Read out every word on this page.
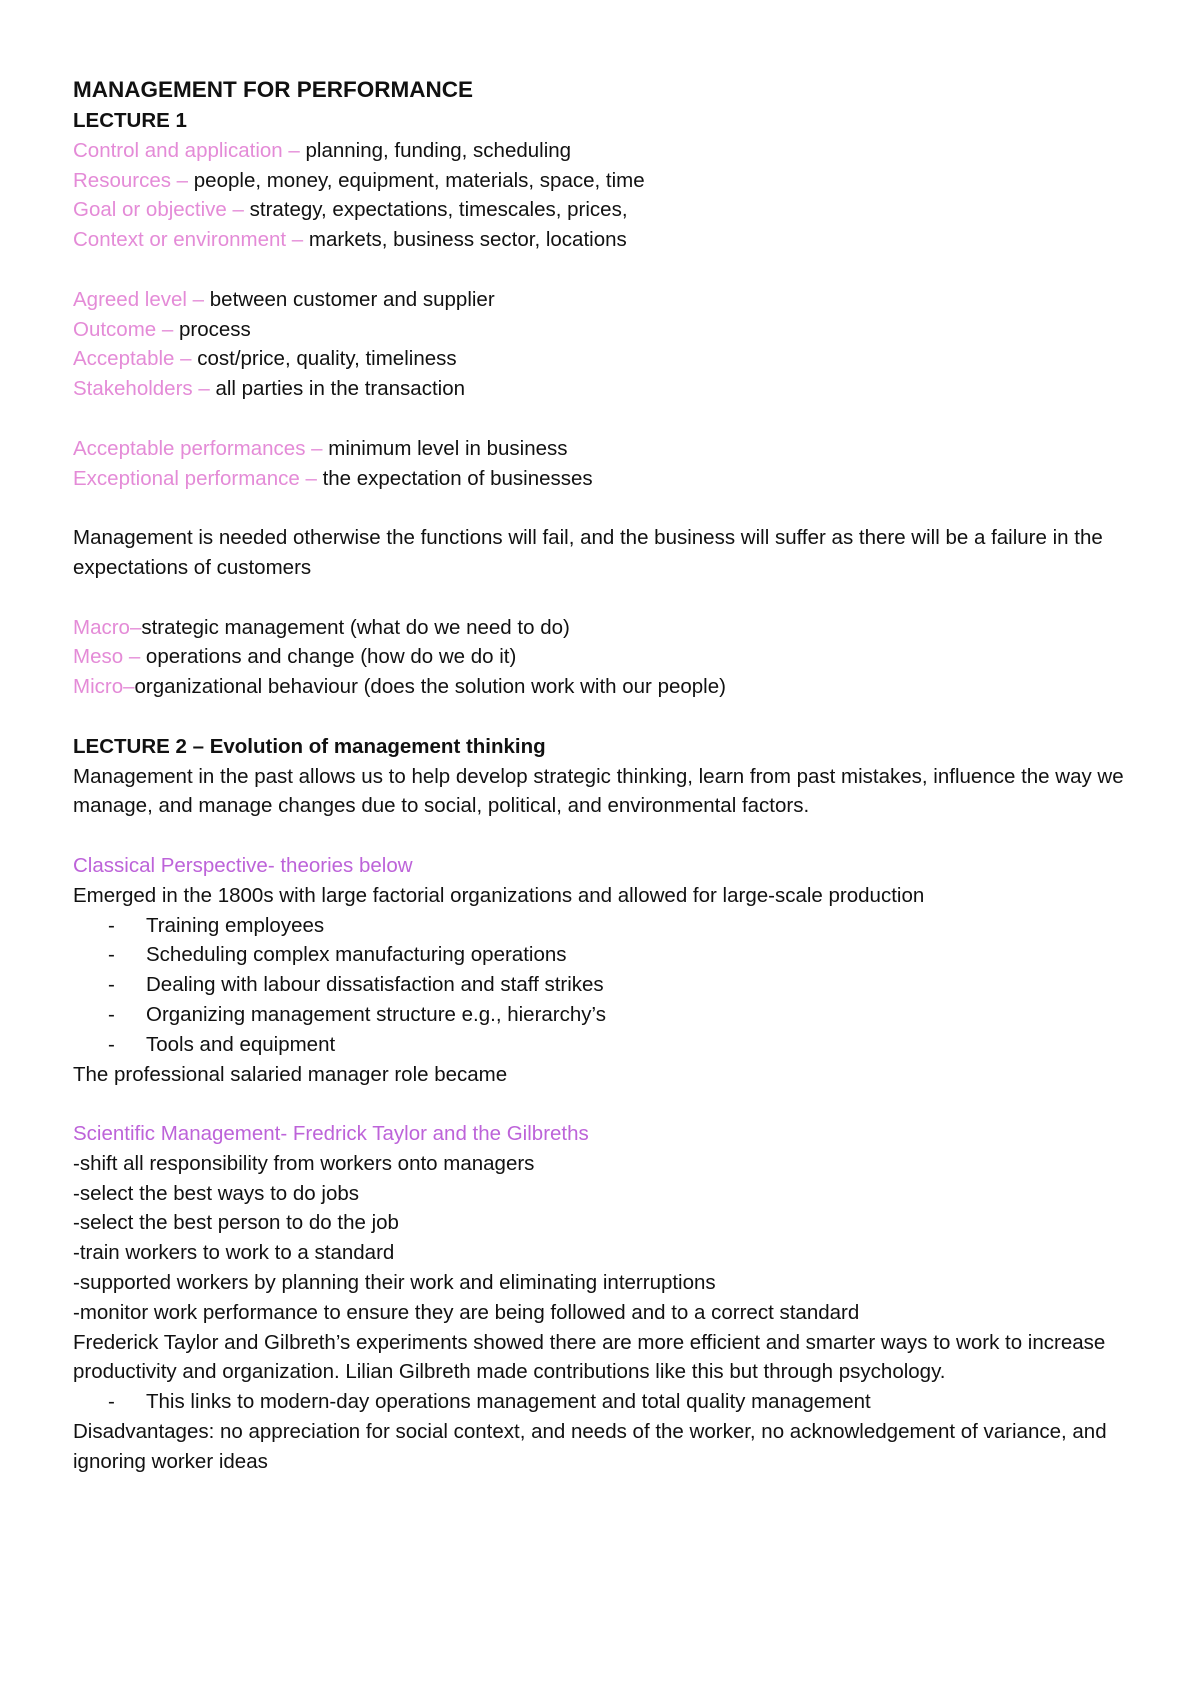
MANAGEMENT FOR PERFORMANCE

LECTURE 1

Control and application – planning, funding, scheduling

Resources – people, money, equipment, materials, space, time

Goal or objective – strategy, expectations, timescales, prices,

Context or environment – markets, business sector, locations

Agreed level – between customer and supplier

Outcome – process

Acceptable – cost/price, quality, timeliness

Stakeholders – all parties in the transaction

Acceptable performances – minimum level in business

Exceptional performance – the expectation of businesses

Management is needed otherwise the functions will fail, and the business will suffer as there will be a failure in the expectations of customers

Macro–strategic management (what do we need to do)

Meso – operations and change (how do we do it)

Micro–organizational behaviour (does the solution work with our people)

LECTURE 2 – Evolution of management thinking

Management in the past allows us to help develop strategic thinking, learn from past mistakes, influence the way we manage, and manage changes due to social, political, and environmental factors.

Classical Perspective- theories below

Emerged in the 1800s with large factorial organizations and allowed for large-scale production

- Training employees

- Scheduling complex manufacturing operations

- Dealing with labour dissatisfaction and staff strikes

- Organizing management structure e.g., hierarchy’s

- Tools and equipment

The professional salaried manager role became

Scientific Management- Fredrick Taylor and the Gilbreths

-shift all responsibility from workers onto managers

-select the best ways to do jobs

-select the best person to do the job

-train workers to work to a standard

-supported workers by planning their work and eliminating interruptions

-monitor work performance to ensure they are being followed and to a correct standard

Frederick Taylor and Gilbreth’s experiments showed there are more efficient and smarter ways to work to increase productivity and organization. Lilian Gilbreth made contributions like this but through psychology.

- This links to modern-day operations management and total quality management

Disadvantages: no appreciation for social context, and needs of the worker, no acknowledgement of variance, and ignoring worker ideas
